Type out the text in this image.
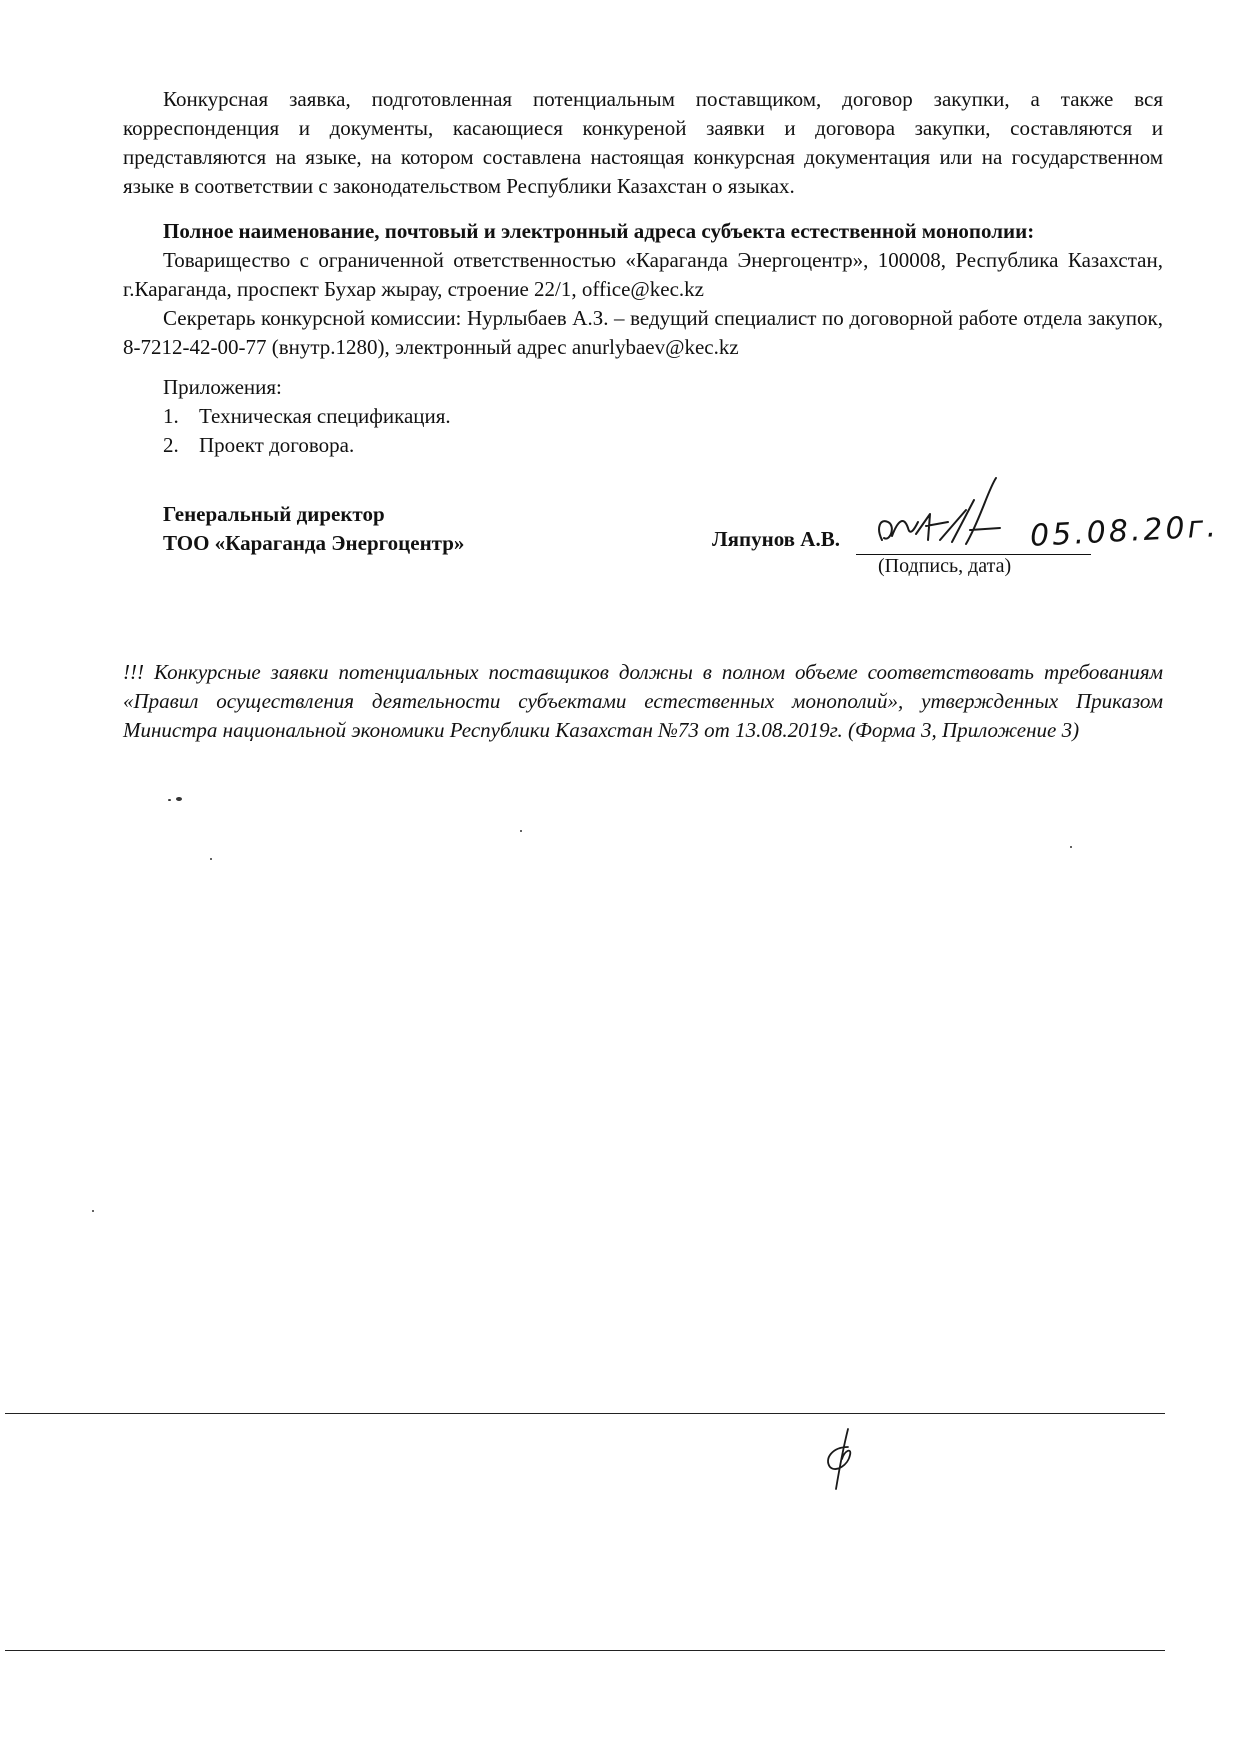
Конкурсная заявка, подготовленная потенциальным поставщиком, договор закупки, а также вся корреспонденция и документы, касающиеся конкуреной заявки и договора закупки, составляются и представляются на языке, на котором составлена настоящая конкурсная документация или на государственном языке в соответствии с законодательством Республики Казахстан о языках.

Полное наименование, почтовый и электронный адреса субъекта естественной монополии:

Товарищество с ограниченной ответственностью «Караганда Энергоцентр», 100008, Республика Казахстан, г.Караганда, проспект Бухар жырау, строение 22/1, office@kec.kz

Секретарь конкурсной комиссии: Нурлыбаев А.З. – ведущий специалист по договорной работе отдела закупок, 8-7212-42-00-77 (внутр.1280), электронный адрес anurlybaev@kec.kz

Приложения:

1. Техническая спецификация.
2. Проект договора.
Генеральный директор
ТОО «Караганда Энергоцентр»	Ляпунов А.В.	05.08.20г.
(Подпись, дата)

!!! Конкурсные заявки потенциальных поставщиков должны в полном объеме соответствовать требованиям «Правил осуществления деятельности субъектами естественных монополий», утвержденных Приказом Министра национальной экономики Республики Казахстан №73 от 13.08.2019г. (Форма 3, Приложение 3)
